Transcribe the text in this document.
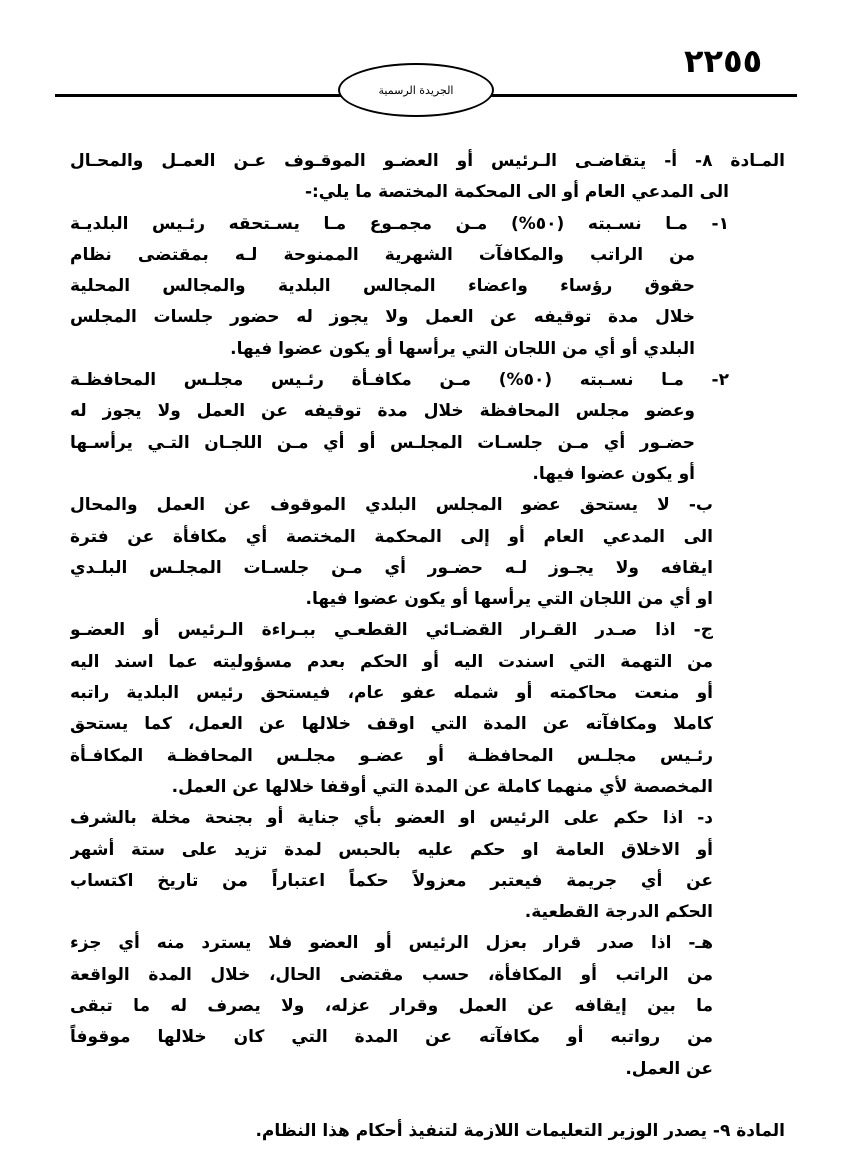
٢٢٥٥
الجريدة الرسمية
المـادة ٨- أ- يتقاضـى الـرئيس أو العضـو الموقـوف عـن العمـل والمحـال
الى المدعي العام أو الى المحكمة المختصة ما يلي:-
١- مـا نسـبته (٥٠%) مـن مجمـوع مـا يسـتحقه رئـيس البلديـة
من الراتب والمكافآت الشهرية الممنوحة لـه بمقتضى نظام
حقوق رؤساء واعضاء المجالس البلدية والمجالس المحلية
خلال مدة توقيفه عن العمل ولا يجوز له حضور جلسات المجلس
البلدي أو أي من اللجان التي يرأسها أو يكون عضوا فيها.
٢- مـا نسـبته (٥٠%) مـن مكافـأة رئـيس مجلـس المحافظـة
وعضو مجلس المحافظة خلال مدة توقيفه عن العمل ولا يجوز له
حضـور أي مـن جلسـات المجلـس أو أي مـن اللجـان التـي يرأسـها
أو يكون عضوا فيها.
ب- لا يستحق عضو المجلس البلدي الموقوف عن العمل والمحال
الى المدعي العام أو إلى المحكمة المختصة أي مكافأة عن فترة
ايقافه ولا يجـوز لـه حضـور أي مـن جلسـات المجلـس البلـدي
او أي من اللجان التي يرأسها أو يكون عضوا فيها.
ج- اذا صـدر القـرار القضـائي القطعـي ببـراءة الـرئيس أو العضـو
من التهمة التي اسندت اليه أو الحكم بعدم مسؤوليته عما اسند اليه
أو منعت محاكمته أو شمله عفو عام، فيستحق رئيس البلدية راتبه
كاملا ومكافآته عن المدة التي اوقف خلالها عن العمل، كما يستحق
رئـيس مجلـس المحافظـة أو عضـو مجلـس المحافظـة المكافـأة
المخصصة لأي منهما كاملة عن المدة التي أوقفا خلالها عن العمل.
د- اذا حكم على الرئيس او العضو بأي جناية أو بجنحة مخلة بالشرف
أو الاخلاق العامة او حكم عليه بالحبس لمدة تزيد على ستة أشهر
عن أي جريمة فيعتبر معزولاً حكماً اعتباراً من تاريخ اكتساب
الحكم الدرجة القطعية.
هـ- اذا صدر قرار بعزل الرئيس أو العضو فلا يسترد منه أي جزء
من الراتب أو المكافأة، حسب مقتضى الحال، خلال المدة الواقعة
ما بين إيقافه عن العمل وقرار عزله، ولا يصرف له ما تبقى
من رواتبه أو مكافآته عن المدة التي كان خلالها موقوفاً
عن العمل.
المادة ٩- يصدر الوزير التعليمات اللازمة لتنفيذ أحكام هذا النظام.
